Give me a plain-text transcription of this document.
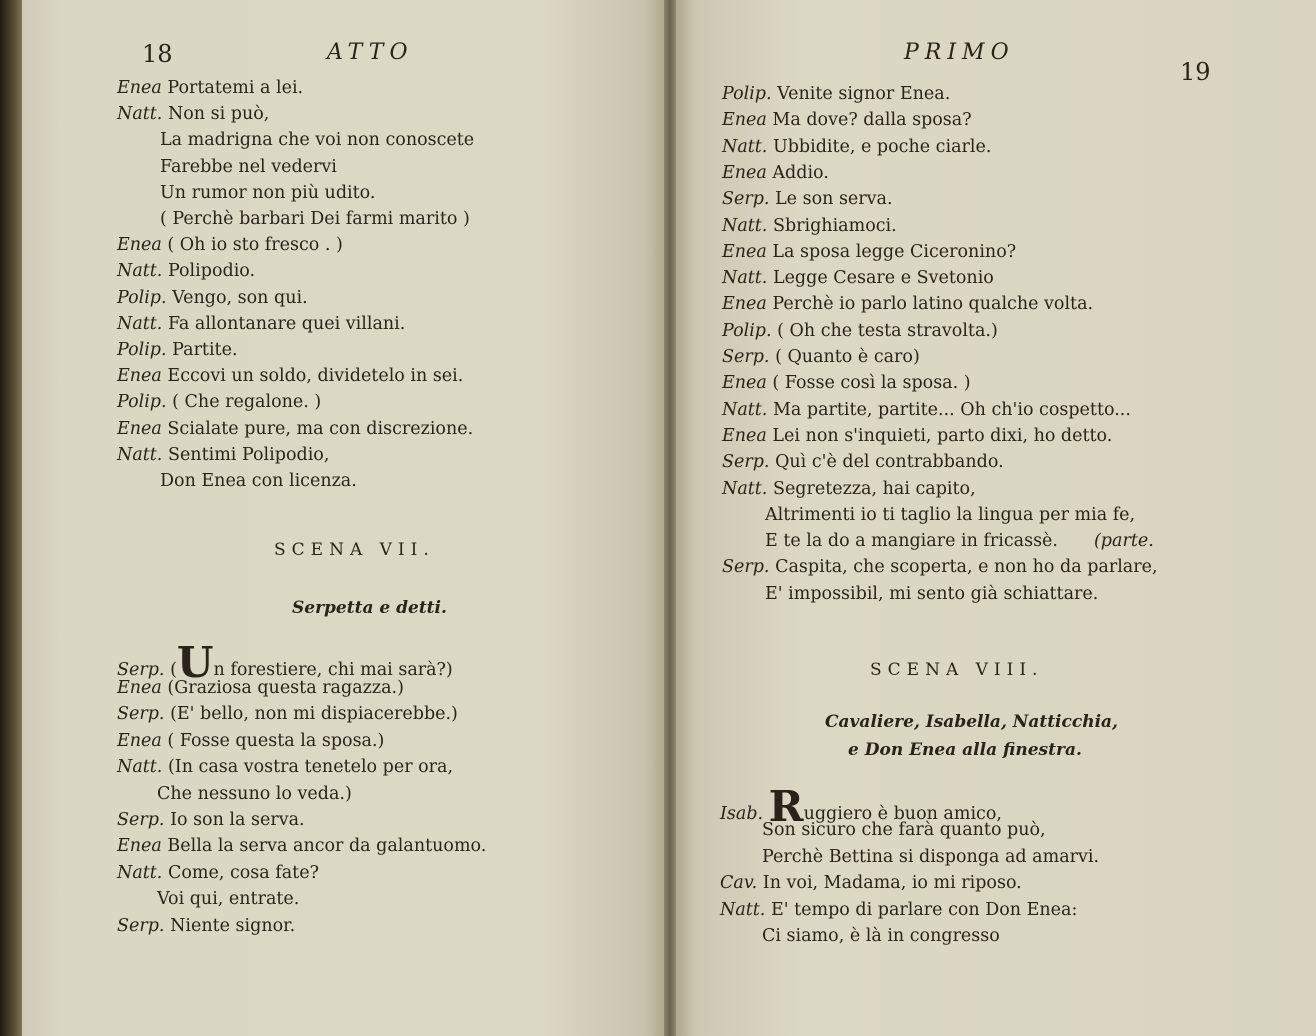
18	ATTO
Enea Portatemi a lei.
Natt. Non si può,
La madrigna che voi non conoscete
Farebbe nel vedervi
Un rumor non più udito.
( Perchè barbari Dei farmi marito )
Enea ( Oh io sto fresco . )
Natt. Polipodio.
Polip. Vengo, son qui.
Natt. Fa allontanare quei villani.
Polip. Partite.
Enea Eccovi un soldo, dividetelo in sei.
Polip. ( Che regalone. )
Enea Scialate pure, ma con discrezione.
Natt. Sentimi Polipodio,
Don Enea con licenza.
SCENA VII.
Serpetta e detti.
Serp. (Un forestiere, chi mai sarà?)
Enea (Graziosa questa ragazza.)
Serp. (E' bello, non mi dispiacerebbe.)
Enea ( Fosse questa la sposa.)
Natt. (In casa vostra tenetelo per ora,
Che nessuno lo veda.)
Serp. Io son la serva.
Enea Bella la serva ancor da galantuomo.
Natt. Come, cosa fate?
Voi qui, entrate.
Serp. Niente signor.
PRIMO
19
Polip. Venite signor Enea.
Enea Ma dove? dalla sposa?
Natt. Ubbidite, e poche ciarle.
Enea Addio.
Serp. Le son serva.
Natt. Sbrighiamoci.
Enea La sposa legge Ciceronino?
Natt. Legge Cesare e Svetonio
Enea Perchè io parlo latino qualche volta.
Polip. ( Oh che testa stravolta.)
Serp. ( Quanto è caro)
Enea ( Fosse così la sposa. )
Natt. Ma partite, partite... Oh ch'io cospetto...
Enea Lei non s'inquieti, parto dixi, ho detto.
Serp. Quì c'è del contrabbando.
Natt. Segretezza, hai capito,
Altrimenti io ti taglio la lingua per mia fe,
E te la do a mangiare in fricassè. (parte.
Serp. Caspita, che scoperta, e non ho da parlare,
E' impossibil, mi sento già schiattare.
SCENA VIII.
Cavaliere, Isabella, Natticchia,
e Don Enea alla finestra.
Isab. Ruggiero è buon amico,
Son sicuro che farà quanto può,
Perchè Bettina si disponga ad amarvi.
Cav. In voi, Madama, io mi riposo.
Natt. E' tempo di parlare con Don Enea:
Ci siamo, è là in congresso
